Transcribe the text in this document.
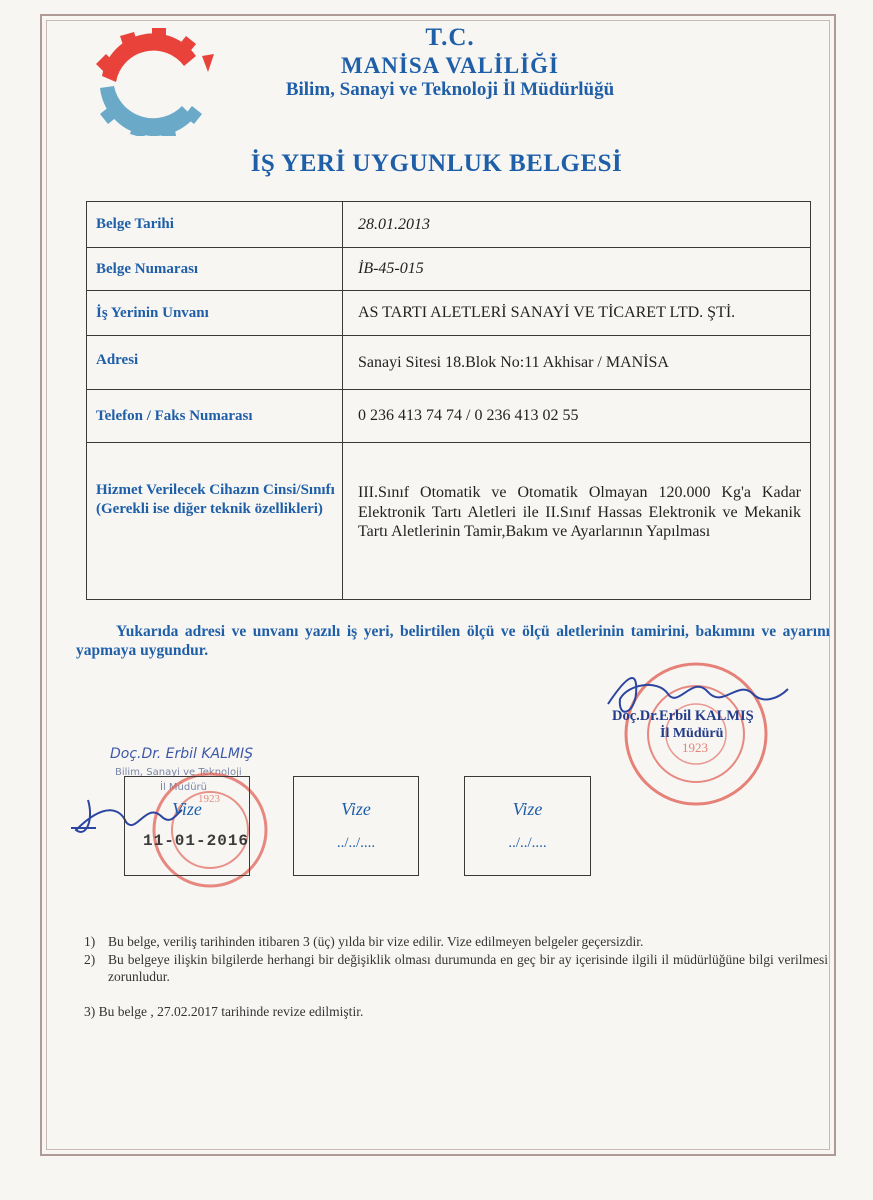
T.C.
MANİSA VALİLİĞİ
Bilim, Sanayi ve Teknoloji İl Müdürlüğü
İŞ YERİ UYGUNLUK BELGESİ
Belge Tarihi	28.01.2013
Belge Numarası	İB-45-015
İş Yerinin Unvanı	AS TARTI ALETLERİ SANAYİ VE TİCARET LTD. ŞTİ.
Adresi	Sanayi Sitesi 18.Blok No:11 Akhisar / MANİSA
Telefon / Faks Numarası	0 236 413 74 74 / 0 236 413 02 55
Hizmet Verilecek Cihazın Cinsi/Sınıfı (Gerekli ise diğer teknik özellikleri)	III.Sınıf Otomatik ve Otomatik Olmayan 120.000 Kg'a Kadar Elektronik Tartı Aletleri ile II.Sınıf Hassas Elektronik ve Mekanik Tartı Aletlerinin Tamir,Bakım ve Ayarlarının Yapılması
Yukarıda adresi ve unvanı yazılı iş yeri, belirtilen ölçü ve ölçü aletlerinin tamirini, bakımını ve ayarını yapmaya uygundur.
1923
Doç.Dr.Erbil KALMIŞ
İl Müdürü
Doç.Dr. Erbil KALMIŞ
Bilim, Sanayi ve Teknoloji
İl Müdürü
1923
Vize
11-01-2016
Vize
../../....
Vize
../../....
1) Bu belge, veriliş tarihinden itibaren 3 (üç) yılda bir vize edilir. Vize edilmeyen belgeler geçersizdir.
2) Bu belgeye ilişkin bilgilerde herhangi bir değişiklik olması durumunda en geç bir ay içerisinde ilgili il müdürlüğüne bilgi verilmesi zorunludur.
3) Bu belge , 27.02.2017 tarihinde revize edilmiştir.
